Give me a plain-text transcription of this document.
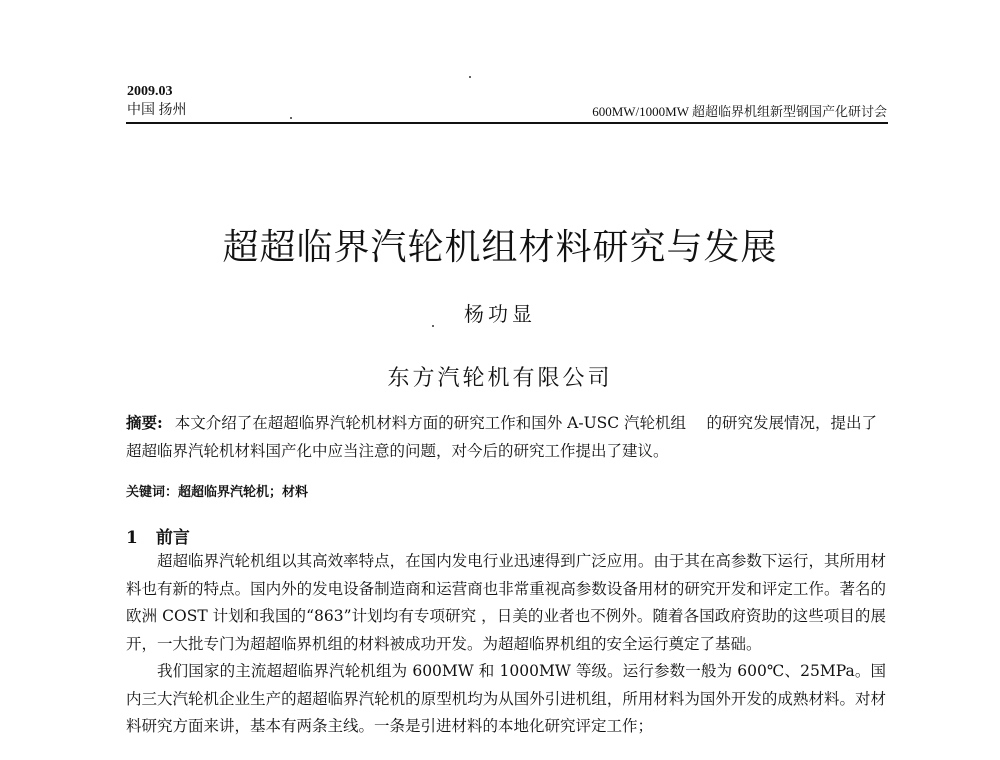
2009.03
中国 扬州	600MW/1000MW 超超临界机组新型钢国产化研讨会
超超临界汽轮机组材料研究与发展
杨功显
东方汽轮机有限公司
摘要: 本文介绍了在超超临界汽轮机材料方面的研究工作和国外 A-USC 汽轮机组　 的研究发展情况，提出了超超临界汽轮机材料国产化中应当注意的问题，对今后的研究工作提出了建议。
关键词：超超临界汽轮机；材料
1 前言

超超临界汽轮机组以其高效率特点，在国内发电行业迅速得到广泛应用。由于其在高参数下运行，其所用材料也有新的特点。国内外的发电设备制造商和运营商也非常重视高参数设备用材的研究开发和评定工作。著名的欧洲 COST 计划和我国的“863”计划均有专项研究 ，日美的业者也不例外。随着各国政府资助的这些项目的展开，一大批专门为超超临界机组的材料被成功开发。为超超临界机组的安全运行奠定了基础。

我们国家的主流超超临界汽轮机组为 600MW 和 1000MW 等级。运行参数一般为 600℃、25MPa。国内三大汽轮机企业生产的超超临界汽轮机的原型机均为从国外引进机组，所用材料为国外开发的成熟材料。对材料研究方面来讲，基本有两条主线。一条是引进材料的本地化研究评定工作；
